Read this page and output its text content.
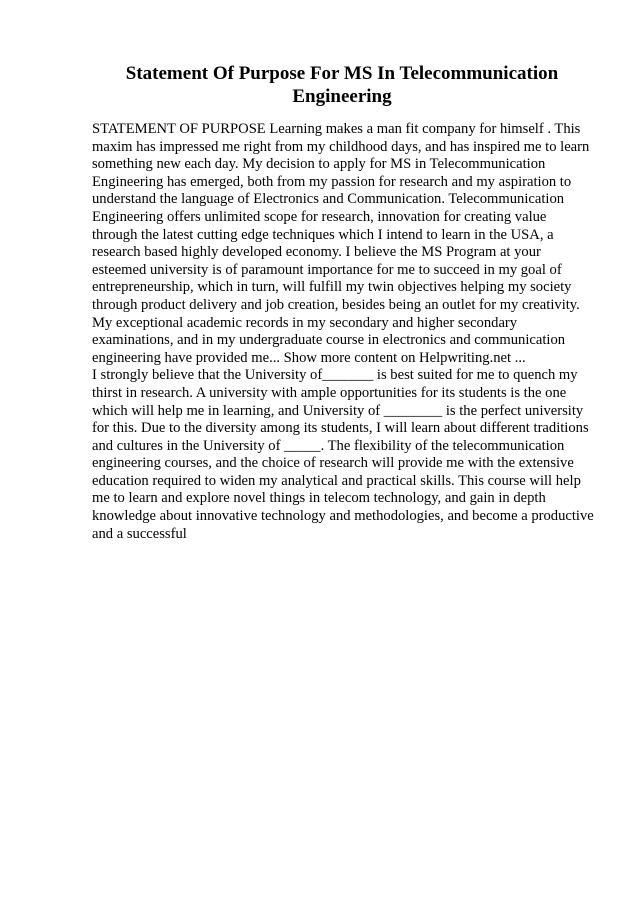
Statement Of Purpose For MS In Telecommunication
Engineering
STATEMENT OF PURPOSE Learning makes a man fit company for himself . This
maxim has impressed me right from my childhood days, and has inspired me to learn
something new each day. My decision to apply for MS in Telecommunication
Engineering has emerged, both from my passion for research and my aspiration to
understand the language of Electronics and Communication. Telecommunication
Engineering offers unlimited scope for research, innovation for creating value
through the latest cutting edge techniques which I intend to learn in the USA, a
research based highly developed economy. I believe the MS Program at your
esteemed university is of paramount importance for me to succeed in my goal of
entrepreneurship, which in turn, will fulfill my twin objectives helping my society
through product delivery and job creation, besides being an outlet for my creativity.
My exceptional academic records in my secondary and higher secondary
examinations, and in my undergraduate course in electronics and communication
engineering have provided me... Show more content on Helpwriting.net ...
I strongly believe that the University of_______ is best suited for me to quench my
thirst in research. A university with ample opportunities for its students is the one
which will help me in learning, and University of ________ is the perfect university
for this. Due to the diversity among its students, I will learn about different traditions
and cultures in the University of _____. The flexibility of the telecommunication
engineering courses, and the choice of research will provide me with the extensive
education required to widen my analytical and practical skills. This course will help
me to learn and explore novel things in telecom technology, and gain in depth
knowledge about innovative technology and methodologies, and become a productive
and a successful
